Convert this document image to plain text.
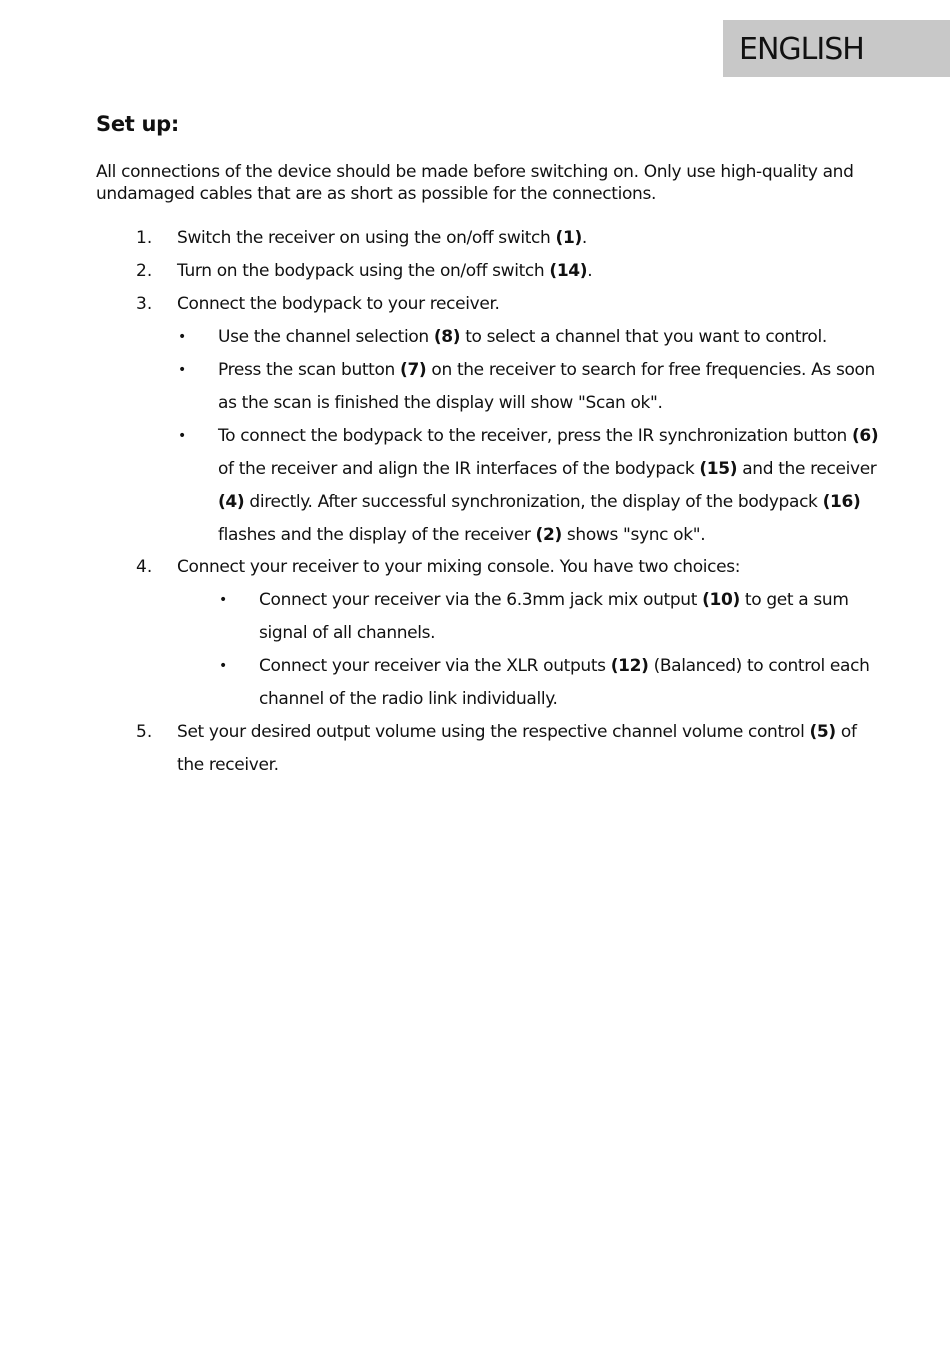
ENGLISH
Set up:

All connections of the device should be made before switching on. Only use high-quality and undamaged cables that are as short as possible for the connections.

1. Switch the receiver on using the on/off switch (1).
2. Turn on the bodypack using the on/off switch (14).
3. Connect the bodypack to your receiver.
• Use the channel selection (8) to select a channel that you want to control.
• Press the scan button (7) on the receiver to search for free frequencies. As soon as the scan is finished the display will show "Scan ok".
• To connect the bodypack to the receiver, press the IR synchronization button (6) of the receiver and align the IR interfaces of the bodypack (15) and the receiver (4) directly. After successful synchronization, the display of the bodypack (16) flashes and the display of the receiver (2) shows "sync ok".
4. Connect your receiver to your mixing console. You have two choices:
• Connect your receiver via the 6.3mm jack mix output (10) to get a sum signal of all channels.
• Connect your receiver via the XLR outputs (12) (Balanced) to control each channel of the radio link individually.
5. Set your desired output volume using the respective channel volume control (5) of the receiver.
